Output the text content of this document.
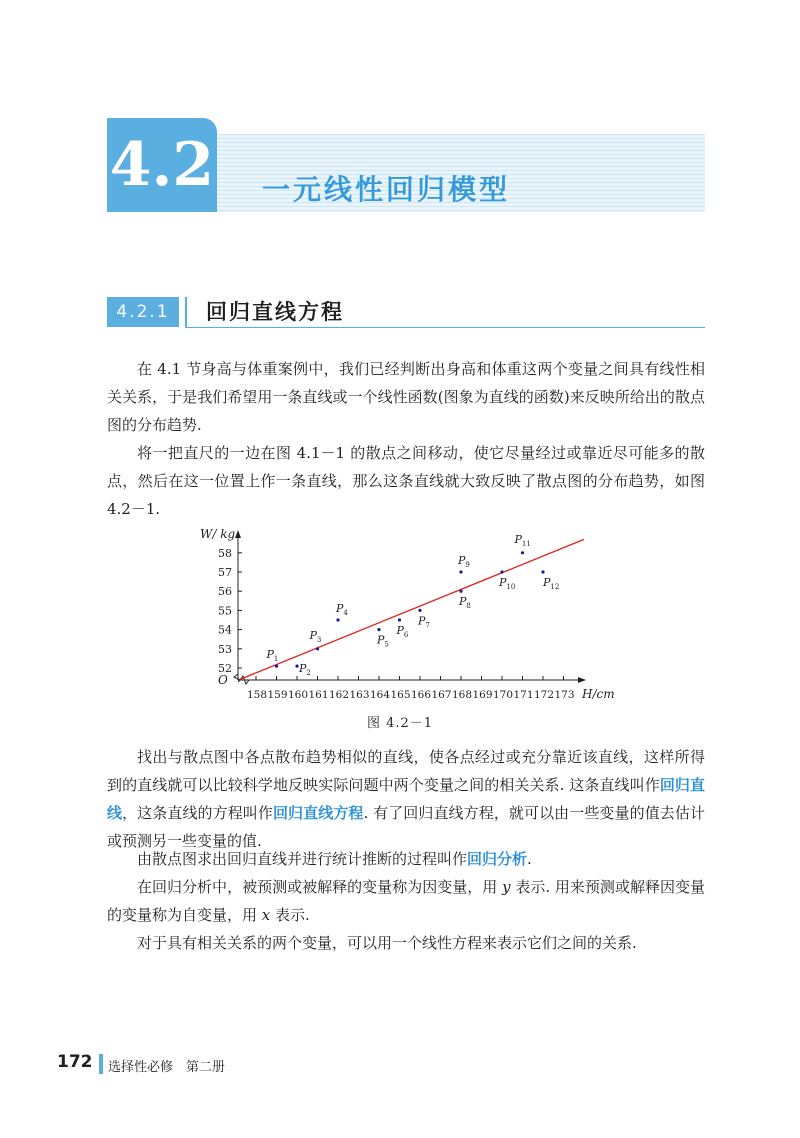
4.2 一元线性回归模型
4.2.1	回归直线方程

在 4.1 节身高与体重案例中，我们已经判断出身高和体重这两个变量之间具有线性相关关系，于是我们希望用一条直线或一个线性函数(图象为直线的函数)来反映所给出的散点图的分布趋势.

将一把直尺的一边在图 4.1－1 的散点之间移动，使它尽量经过或靠近尽可能多的散点，然后在这一位置上作一条直线，那么这条直线就大致反映了散点图的分布趋势，如图 4.2－1.

O
W/ kg
H/cm
52
53
54
55
56
57
58
158 159 160 161 162 163 164 165 166 167 168 169 170 171 172 173
$P_1$
$P_2$
$P_3$
$P_4$
$P_5$
$P_6$
$P_7$
$P_8$
$P_9$
$P_{10}$
$P_{11}$
$P_{12}$
图 4.2－1

找出与散点图中各点散布趋势相似的直线，使各点经过或充分靠近该直线，这样所得到的直线就可以比较科学地反映实际问题中两个变量之间的相关关系. 这条直线叫作回归直线，这条直线的方程叫作回归直线方程. 有了回归直线方程，就可以由一些变量的值去估计或预测另一些变量的值.

由散点图求出回归直线并进行统计推断的过程叫作回归分析.

在回归分析中，被预测或被解释的变量称为因变量，用 y 表示. 用来预测或解释因变量的变量称为自变量，用 x 表示.

对于具有相关关系的两个变量，可以用一个线性方程来表示它们之间的关系.

172 选择性必修　第二册
